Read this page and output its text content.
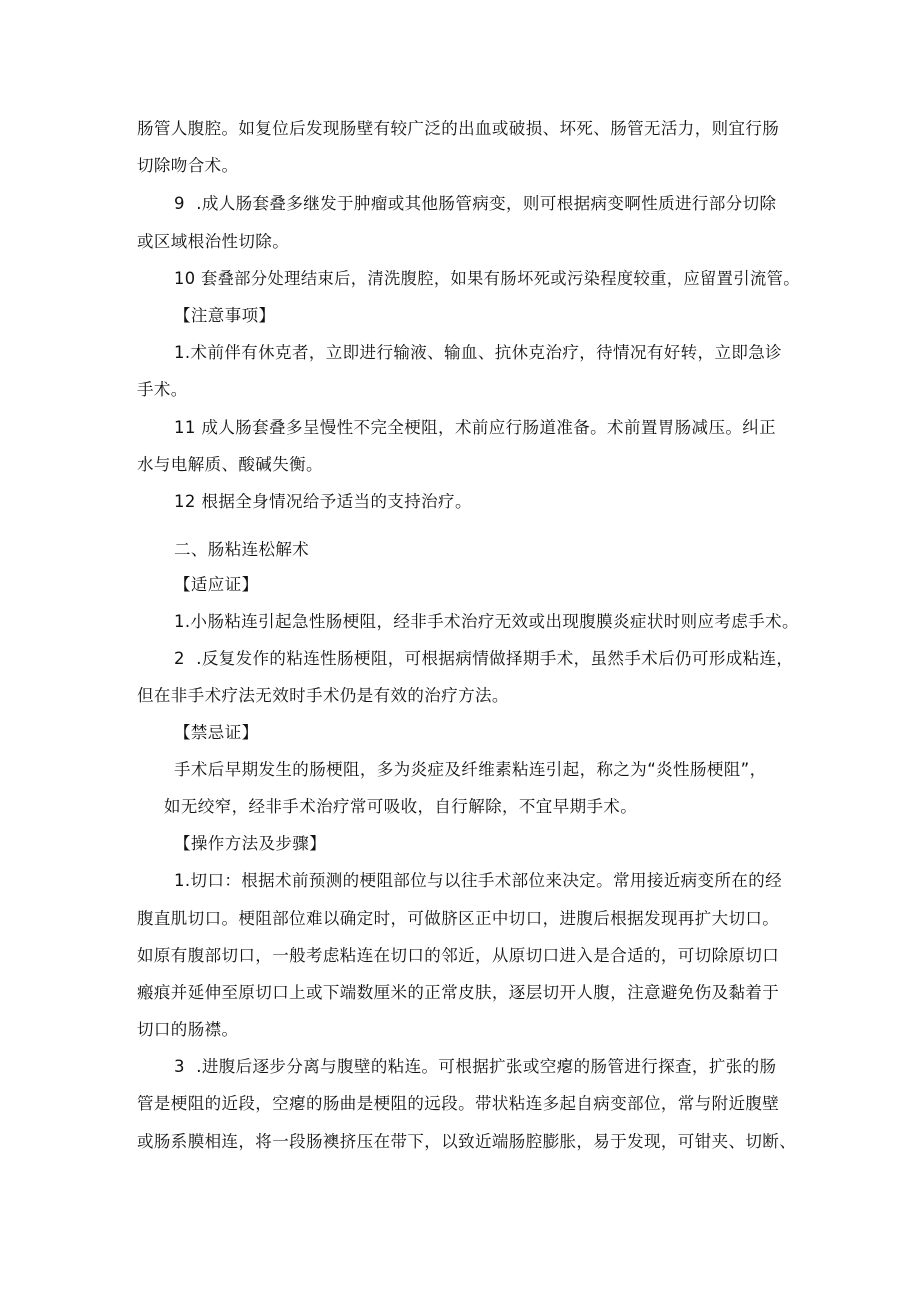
肠管人腹腔。如复位后发现肠壁有较广泛的出血或破损、坏死、肠管无活力，则宜行肠
切除吻合术。
9  .成人肠套叠多继发于肿瘤或其他肠管病变，则可根据病变啊性质进行部分切除
或区域根治性切除。
10 套叠部分处理结束后，清洗腹腔，如果有肠坏死或污染程度较重，应留置引流管。
【注意事项】
1.术前伴有休克者，立即进行输液、输血、抗休克治疗，待情况有好转，立即急诊
手术。
11 成人肠套叠多呈慢性不完全梗阻，术前应行肠道准备。术前置胃肠减压。纠正
水与电解质、酸碱失衡。
12 根据全身情况给予适当的支持治疗。
二、肠粘连松解术
【适应证】
1.小肠粘连引起急性肠梗阻，经非手术治疗无效或出现腹膜炎症状时则应考虑手术。
2  .反复发作的粘连性肠梗阻，可根据病情做择期手术，虽然手术后仍可形成粘连，
但在非手术疗法无效时手术仍是有效的治疗方法。
【禁忌证】
手术后早期发生的肠梗阻，多为炎症及纤维素粘连引起，称之为“炎性肠梗阻”，
如无绞窄，经非手术治疗常可吸收，自行解除，不宜早期手术。
【操作方法及步骤】
1.切口：根据术前预测的梗阻部位与以往手术部位来决定。常用接近病变所在的经
腹直肌切口。梗阻部位难以确定时，可做脐区正中切口，进腹后根据发现再扩大切口。
如原有腹部切口，一般考虑粘连在切口的邻近，从原切口进入是合适的，可切除原切口
瘢痕并延伸至原切口上或下端数厘米的正常皮肤，逐层切开人腹，注意避免伤及黏着于
切口的肠襟。
3  .进腹后逐步分离与腹壁的粘连。可根据扩张或空瘪的肠管进行探查，扩张的肠
管是梗阻的近段，空瘪的肠曲是梗阻的远段。带状粘连多起自病变部位，常与附近腹壁
或肠系膜相连，将一段肠襖挤压在带下，以致近端肠腔膨胀，易于发现，可钳夹、切断、
